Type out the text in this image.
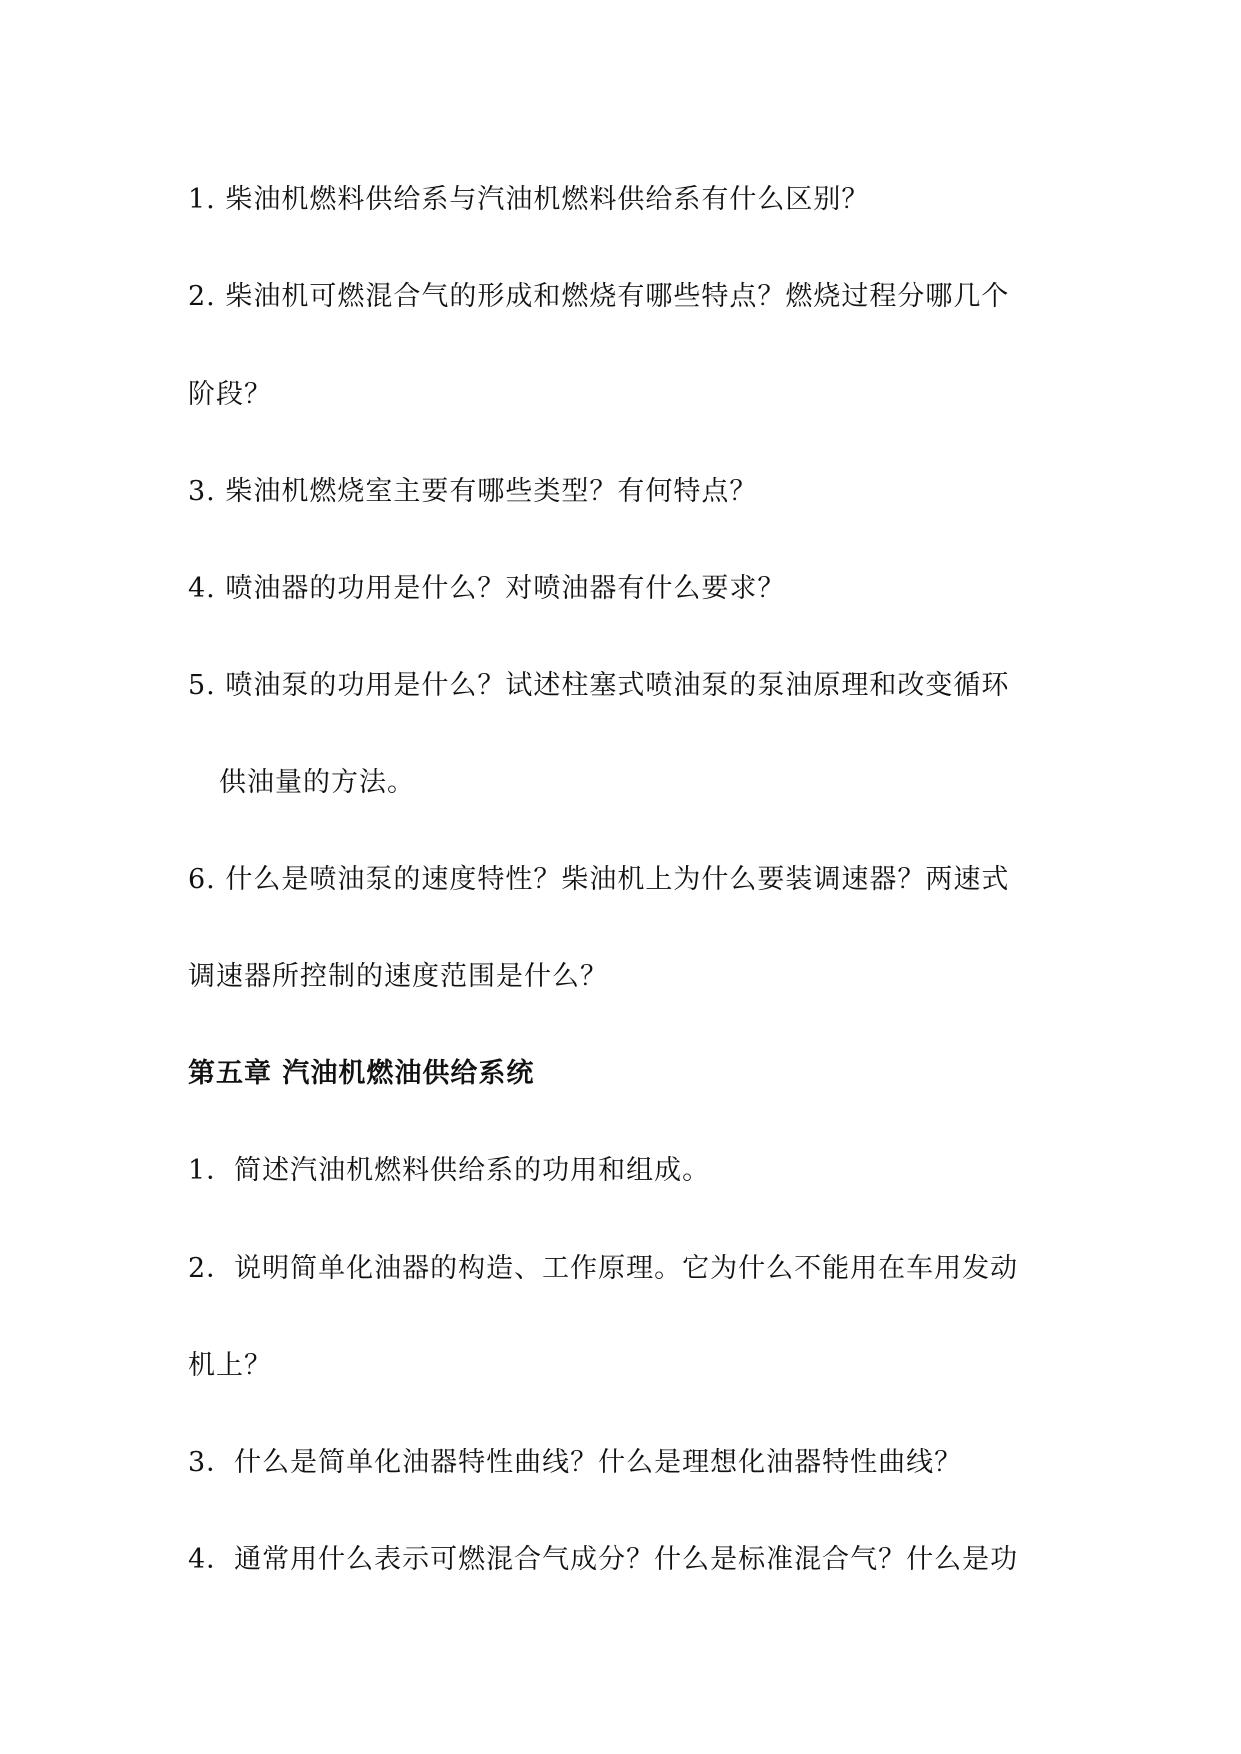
1. 柴油机燃料供给系与汽油机燃料供给系有什么区别？
2. 柴油机可燃混合气的形成和燃烧有哪些特点？燃烧过程分哪几个
阶段？
3. 柴油机燃烧室主要有哪些类型？有何特点？
4. 喷油器的功用是什么？对喷油器有什么要求？
5. 喷油泵的功用是什么？试述柱塞式喷油泵的泵油原理和改变循环
供油量的方法。
6. 什么是喷油泵的速度特性？柴油机上为什么要装调速器？两速式
调速器所控制的速度范围是什么？
第五章 汽油机燃油供给系统
1．简述汽油机燃料供给系的功用和组成。
2．说明简单化油器的构造、工作原理。它为什么不能用在车用发动
机上？
3．什么是简单化油器特性曲线？什么是理想化油器特性曲线？
4．通常用什么表示可燃混合气成分？什么是标准混合气？什么是功
